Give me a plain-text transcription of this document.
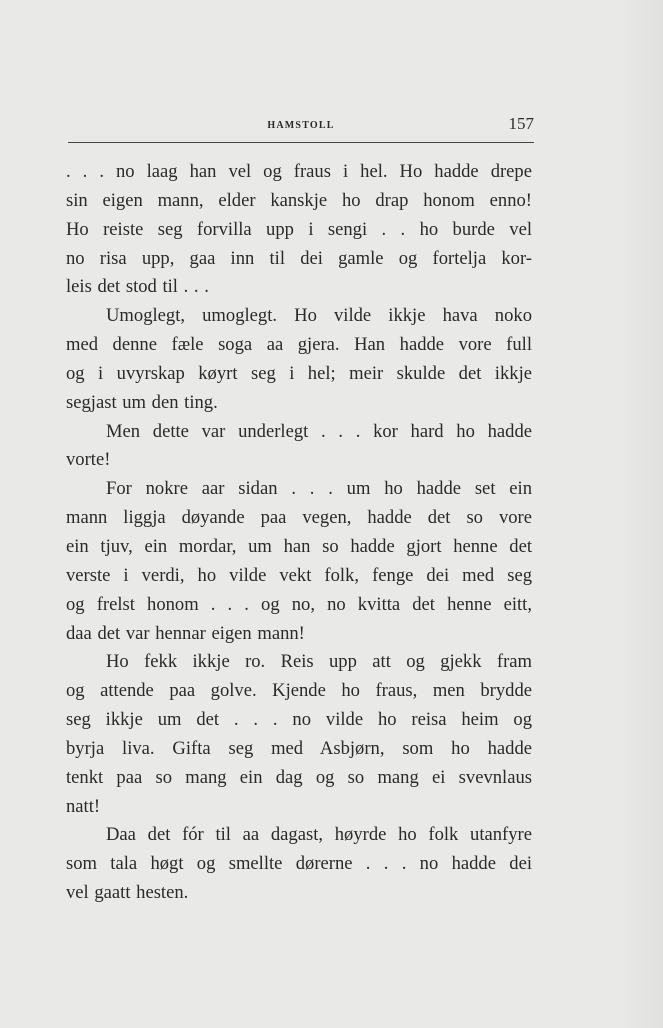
HAMSTOLL	157
. . . no laag han vel og fraus i hel. Ho hadde drepe
sin eigen mann, elder kanskje ho drap honom enno!
Ho reiste seg forvilla upp i sengi . . ho burde vel
no risa upp, gaa inn til dei gamle og fortelja kor-
leis det stod til . . .
Umoglegt, umoglegt. Ho vilde ikkje hava noko
med denne fæle soga aa gjera. Han hadde vore full
og i uvyrskap køyrt seg i hel; meir skulde det ikkje
segjast um den ting.
Men dette var underlegt . . . kor hard ho hadde
vorte!
For nokre aar sidan . . . um ho hadde set ein
mann liggja døyande paa vegen, hadde det so vore
ein tjuv, ein mordar, um han so hadde gjort henne det
verste i verdi, ho vilde vekt folk, fenge dei med seg
og frelst honom . . . og no, no kvitta det henne eitt,
daa det var hennar eigen mann!
Ho fekk ikkje ro. Reis upp att og gjekk fram
og attende paa golve. Kjende ho fraus, men brydde
seg ikkje um det . . . no vilde ho reisa heim og
byrja liva. Gifta seg med Asbjørn, som ho hadde
tenkt paa so mang ein dag og so mang ei svevnlaus
natt!
Daa det fór til aa dagast, høyrde ho folk utanfyre
som tala høgt og smellte dørerne . . . no hadde dei
vel gaatt hesten.
